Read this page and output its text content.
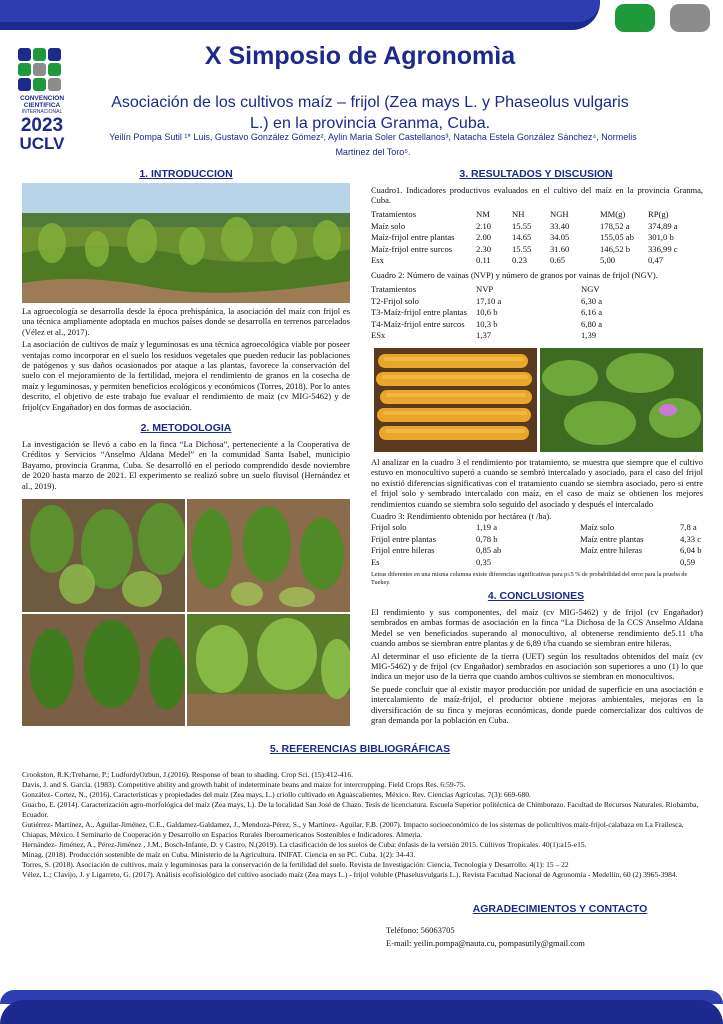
CONVENCION
CIENTIFICA
INTERNACIONAL
2023
UCLV
X Simposio de Agronomìa
Asociación de los cultivos maíz – frijol (Zea mays L. y Phaseolus vulgaris
L.) en la provincia Granma, Cuba.
Yeilín Pompa Sutil ¹* Luis, Gustavo González Gómez², Aylin Maria Soler Castellanos³, Natacha Estela González Sánchez⁴, Normelis
Martinez del Toro⁵.
1. INTRODUCCION

La agroecología se desarrolla desde la época prehispánica, la asociación del maíz con frijol es una técnica ampliamente adoptada en muchos países donde se desarrolla en terrenos parcelados (Vélez et al., 2017).

La asociación de cultivos de maíz y leguminosas es una técnica agroecológica viable por poseer ventajas como incorporar en el suelo los residuos vegetales que pueden reducir las poblaciones de patógenos y sus daños ocasionados por ataque a las plantas, favorece la conservación del suelo con el mejoramiento de la fertilidad, mejora el rendimiento de granos en la cosecha de maíz y leguminosas, y permiten beneficios ecológicos y económicos (Torres, 2018). Por lo antes descrito, el objetivo de este trabajo fue evaluar el rendimiento de maíz (cv MIG-5462) y de frijol(cv Engañador) en dos formas de asociación.

2. METODOLOGIA

La investigación se llevó a cabo en la finca “La Dichosa”, perteneciente a la Cooperativa de Créditos y Servicios “Anselmo Aldana Medel” en la comunidad Santa Isabel, municipio Bayamo, provincia Granma, Cuba. Se desarrolló en el período comprendido desde noviembre de 2020 hasta marzo de 2021. El experimento se realizó sobre un suelo fluvisol (Hernández et al., 2019).

3. RESULTADOS Y DISCUSION
Cuadro1. Indicadores productivos evaluados en el cultivo del maíz en la provincia Granma, Cuba.
Tratamientos	NM	NH	NGH	MM(g)	RP(g)
Maíz solo	2.10	15.55	33.40	178,52 a	374,89 a
Maíz-frijol entre plantas	2.00	14.65	34.05	155,05 ab	301,0 b
Maíz-frijol entre surcos	2.30	15.55	31.60	146,52 b	336,99 c
Esx	0.11	0.23	0.65	5,00	0,47
Cuadro 2: Número de vainas (NVP) y número de granos por vainas de frijol (NGV).
Tratamientos	NVP	NGV
T2-Frijol solo	17,10 a	6,30 a
T3-Maíz-frijol entre plantas	10,6 b	6,16 a
T4-Maíz-frijol entre surcos	10,3 b	6,80 a
ESx	1,37	1,39
Al analizar en la cuadro 3 el rendimiento por tratamiento, se muestra que siempre que el cultivo estuvo en monocultivo superó a cuando se sembró intercalado y asociado, para el caso del frijol no existió diferencias significativas con el tratamiento cuando se siembra asociado, pero si entre el frijol solo y sembrado intercalado con maíz, en el caso de maíz se obtienen los mejores rendimientos cuando se siembra solo seguido del asociado y después el intercalado
Cuadro 3: Rendimiento obtenido por hectárea (t /ha).
Frijol solo	1,19 a	Maíz solo	7,8 a
Frijol entre plantas	0,78 b	Maíz entre plantas	4,33 c
Frijol entre hileras	0,85 ab	Maíz entre hileras	6,04 b
Es	0,35		0,59
Letras diferentes en una misma columna existe diferencias significativas para p≤5 % de probabilidad del error para la prueba de Tuekey.
4. CONCLUSIONES

El rendimiento y sus componentes, del maíz (cv MIG-5462) y de frijol (cv Engañador) sembrados en ambas formas de asociación en la finca “La Dichosa de la CCS Anselmo Aldana Medel se ven beneficiados superando al monocultivo, al obtenerse rendimiento de5.11 t/ha cuando ambos se siembran entre plantas y de 6,89 t/ha cuando se siembran entre hileras.

Al determinar el uso eficiente de la tierra (UET) según los resultados obtenidos del maíz (cv MIG-5462) y de frijol (cv Engañador) sembrados en asociación son superiores a uno (1) lo que indica un mejor uso de la tierra que cuando ambos cultivos se siembran en monocultivos.

Se puede concluir que al existir mayor producción por unidad de superficie en una asociación e intercalamiento de maíz-frijol, el productor obtiene mejoras ambientales, mejoras en la diversificación de su finca y mejoras económicas, donde puede comercializar dos cultivos de gran demanda por la población en Cuba.

5. REFERENCIAS BIBLIOGRÁFICAS
Crookston, R.K;Treharne, P.; LudfordyOzbun, J.(2016). Response of bean to shading. Crop Sci. (15):412-416.
Davis, J. and S. García. (1983). Competitive ability and growth habit of indeterminate beans and maize for intercropping. Field Crops Res. 6:59-75.
González- Cortez, N., (2016). Características y propiedades del maíz (Zea mays, L.) criollo cultivado en Aguascalientes, México. Rev. Ciencias Agrícolas. 7(3): 669-680.
Guacho, E. (2014). Caracterización agro-morfológica del maíz (Zea mays, L). De la localidad San José de Chazo. Tesis de licenciatura. Escuela Superior politécnica de Chimborazo. Facultad de Recursos Naturales. Riobamba, Ecuador.
Gutiérrez- Martínez, A., Aguilar-Jiménez, C.E., Galdamez-Galdamez, J., Mendoza-Pérez, S., y Martínez- Aguilar, F.B. (2007). Impacto socioeconómico de los sistemas de policultivos maíz-frijol-calabaza en La Frailesca, Chiapas, México. I Seminario de Cooperación y Desarrollo en Espacios Rurales Iberoamericanos Sostenibles e Indicadores. Almeria.
Hernández- Jiménez, A., Pérez-Jiménez , J.M., Bosch-Infante, D. y Castro, N.(2019). La clasificación de los suelos de Cuba: énfasis de la versión 2015. Cultivos Tropicales. 40(1):a15-e15.
Minag. (2018). Producción sostenible de maíz en Cuba. Ministerio de la Agricultura. INIFAT. Ciencia en su PC. Cuba. 1(2): 34-43.
Torres, S. (2018). Asociación de cultivos, maíz y leguminosas para la conservación de la fertilidad del suelo. Revista de Investigación: Ciencia, Tecnología y Desarrollo. 4(1): 15 – 22
Vélez, L.; Clavijo, J. y Ligarreto, G. (2017). Análisis ecofisiológico del cultivo asociado maíz (Zea mays L.) - frijol voluble (Phaselusvulgaris L.). Revista Facultad Nacional de Agronomía - Medellín, 60 (2) 3965-3984.
AGRADECIMIENTOS Y CONTACTO
Teléfono: 56063705
E-mail: yeilin.pompa@nauta.cu, pompasutily@gmail.com
